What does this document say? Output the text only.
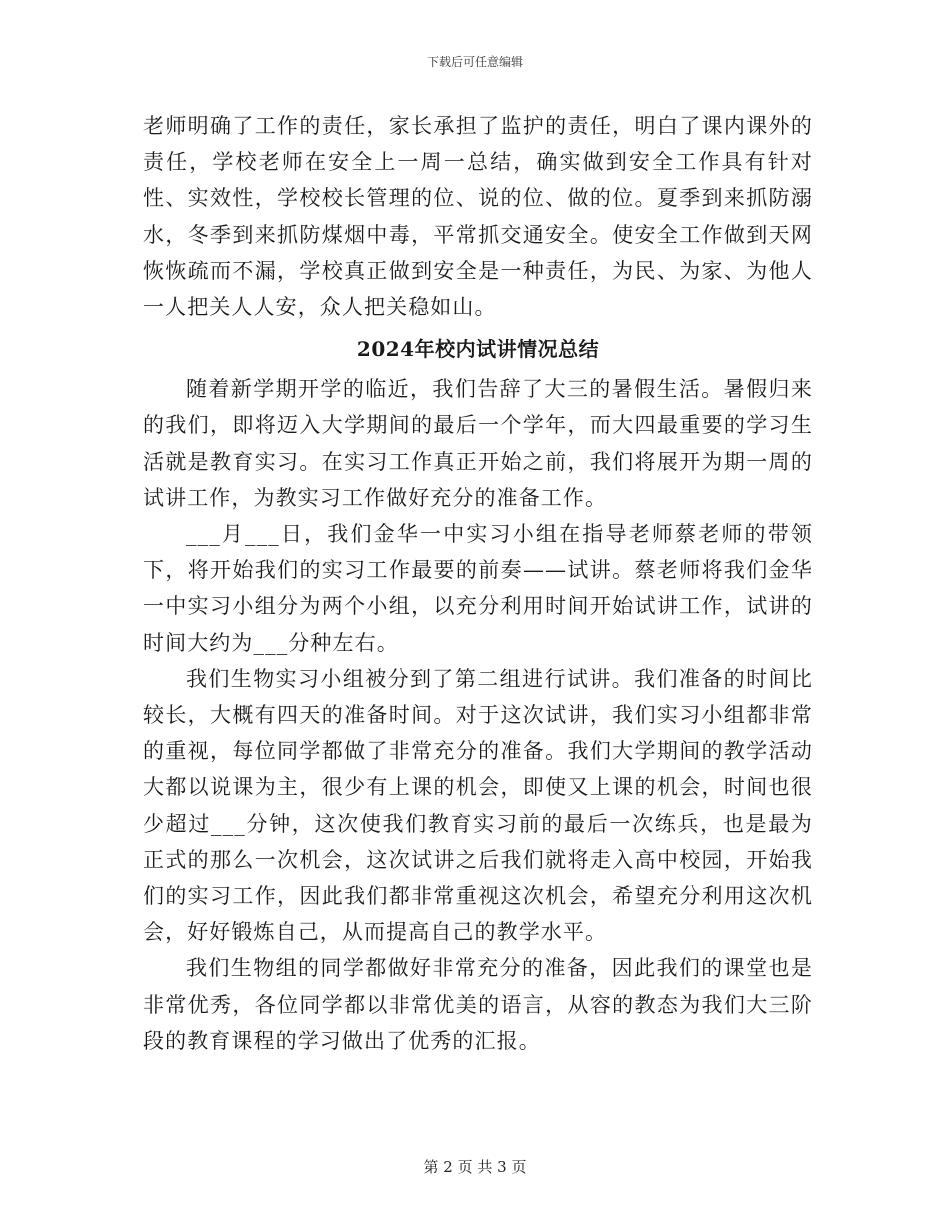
下载后可任意编辑

老师明确了工作的责任，家长承担了监护的责任，明白了课内课外的责任，学校老师在安全上一周一总结，确实做到安全工作具有针对性、实效性，学校校长管理的位、说的位、做的位。夏季到来抓防溺水，冬季到来抓防煤烟中毒，平常抓交通安全。使安全工作做到天网恢恢疏而不漏，学校真正做到安全是一种责任，为民、为家、为他人一人把关人人安，众人把关稳如山。

2024年校内试讲情况总结

随着新学期开学的临近，我们告辞了大三的暑假生活。暑假归来的我们，即将迈入大学期间的最后一个学年，而大四最重要的学习生活就是教育实习。在实习工作真正开始之前，我们将展开为期一周的试讲工作，为教实习工作做好充分的准备工作。

___月___日，我们金华一中实习小组在指导老师蔡老师的带领下，将开始我们的实习工作最要的前奏——试讲。蔡老师将我们金华一中实习小组分为两个小组，以充分利用时间开始试讲工作，试讲的时间大约为___分种左右。

我们生物实习小组被分到了第二组进行试讲。我们准备的时间比较长，大概有四天的准备时间。对于这次试讲，我们实习小组都非常的重视，每位同学都做了非常充分的准备。我们大学期间的教学活动大都以说课为主，很少有上课的机会，即使又上课的机会，时间也很少超过___分钟，这次使我们教育实习前的最后一次练兵，也是最为正式的那么一次机会，这次试讲之后我们就将走入高中校园，开始我们的实习工作，因此我们都非常重视这次机会，希望充分利用这次机会，好好锻炼自己，从而提高自己的教学水平。

我们生物组的同学都做好非常充分的准备，因此我们的课堂也是非常优秀，各位同学都以非常优美的语言，从容的教态为我们大三阶段的教育课程的学习做出了优秀的汇报。

第 2 页 共 3 页
